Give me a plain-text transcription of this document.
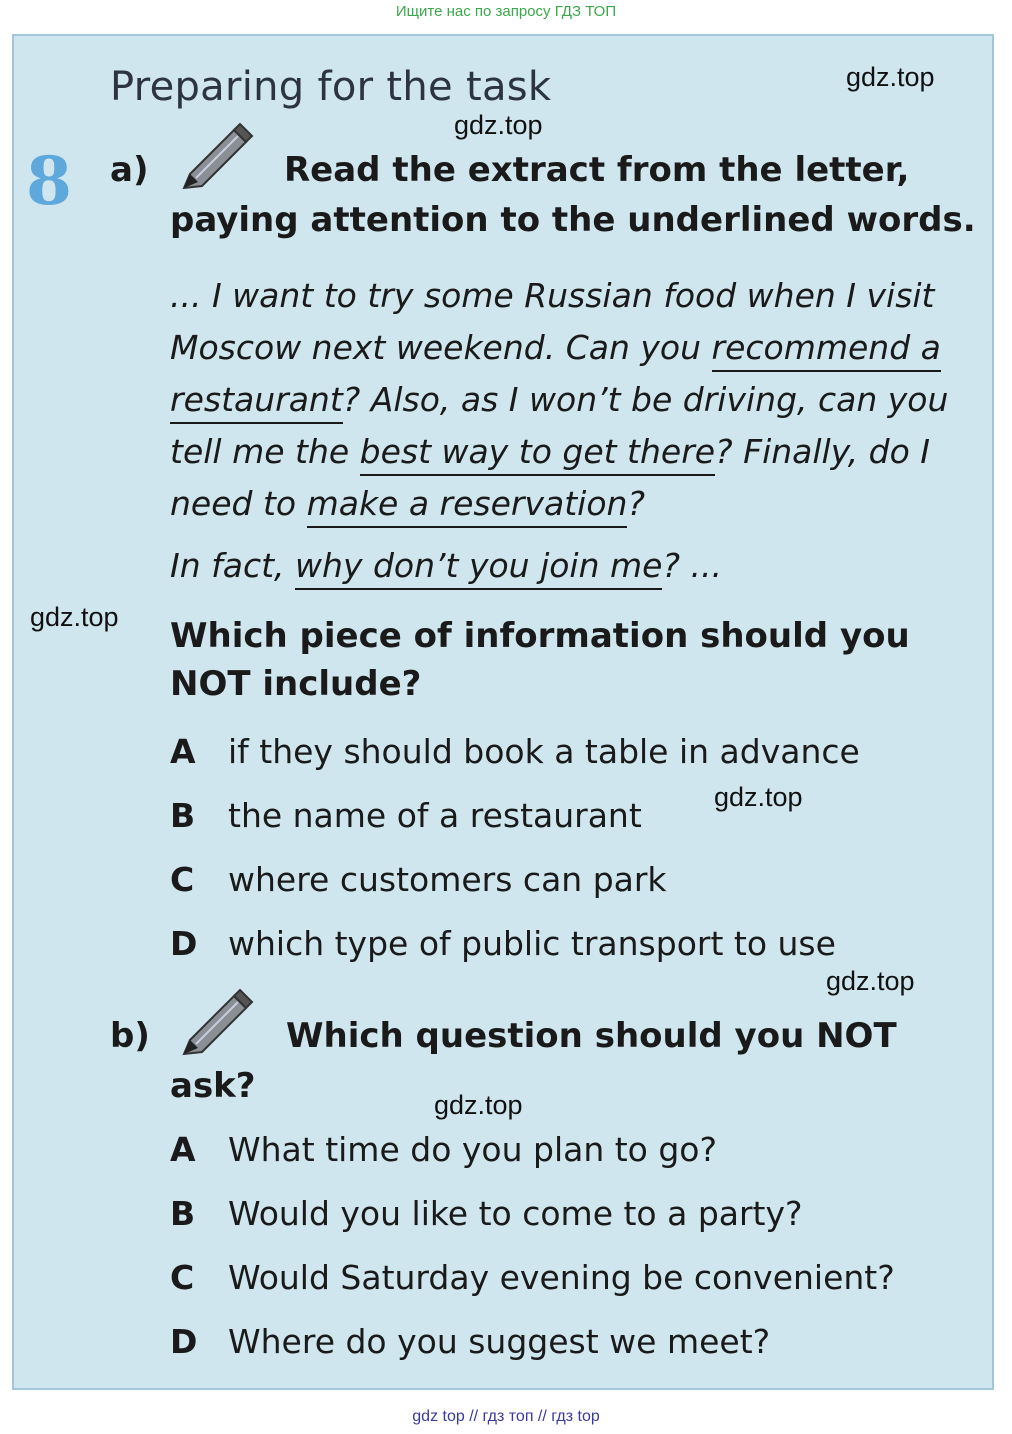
Ищите нас по запросу ГДЗ ТОП
Preparing for the task	gdz.top
gdz.top
gdz.top
gdz.top
gdz.top
gdz.top
8 a)	Read the extract from the letter,
paying attention to the underlined words.
... I want to try some Russian food when I visit
Moscow next weekend. Can you recommend a
restaurant? Also, as I won’t be driving, can you
tell me the best way to get there? Finally, do I
need to make a reservation?
In fact, why don’t you join me? ...
Which piece of information should you
NOT include?
A if they should book a table in advance
B the name of a restaurant
C where customers can park
D which type of public transport to use
b)	Which question should you NOT
ask?
A What time do you plan to go?
B Would you like to come to a party?
C Would Saturday evening be convenient?
D Where do you suggest we meet?
gdz top // гдз топ // гдз top
